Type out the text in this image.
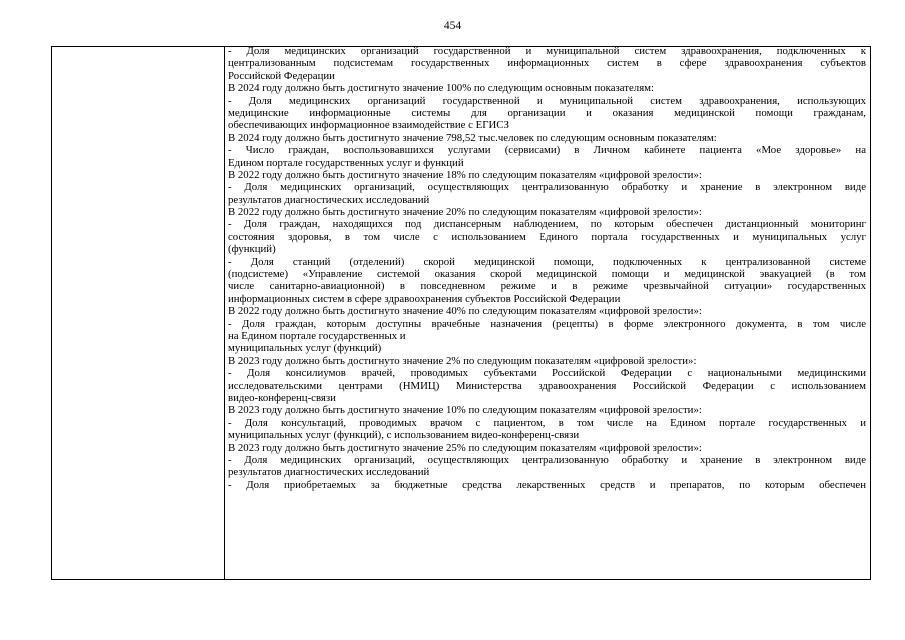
454
- Доля медицинских организаций государственной и муниципальной систем здравоохранения, подключенных к
централизованным подсистемам государственных информационных систем в сфере здравоохранения субъектов
Российской Федерации
В 2024 году должно быть достигнуто значение 100% по следующим основным показателям:
- Доля медицинских организаций государственной и муниципальной систем здравоохранения, использующих
медицинские информационные системы для организации и оказания медицинской помощи гражданам,
обеспечивающих информационное взаимодействие с ЕГИСЗ
В 2024 году должно быть достигнуто значение 798,52 тыс.человек по следующим основным показателям:
- Число граждан, воспользовавшихся услугами (сервисами) в Личном кабинете пациента «Мое здоровье» на
Едином портале государственных услуг и функций
В 2022 году должно быть достигнуто значение 18% по следующим показателям «цифровой зрелости»:
- Доля медицинских организаций, осуществляющих централизованную обработку и хранение в электронном виде
результатов диагностических исследований
В 2022 году должно быть достигнуто значение 20% по следующим показателям «цифровой зрелости»:
- Доля граждан, находящихся под диспансерным наблюдением, по которым обеспечен дистанционный мониторинг
состояния здоровья, в том числе с использованием Единого портала государственных и муниципальных услуг
(функций)
- Доля станций (отделений) скорой медицинской помощи, подключенных к централизованной системе
(подсистеме) «Управление системой оказания скорой медицинской помощи и медицинской эвакуацией (в том
числе санитарно-авиационной) в повседневном режиме и в режиме чрезвычайной ситуации» государственных
информационных систем в сфере здравоохранения субъектов Российской Федерации
В 2022 году должно быть достигнуто значение 40% по следующим показателям «цифровой зрелости»:
- Доля граждан, которым доступны врачебные назначения (рецепты) в форме электронного документа, в том числе
на Едином портале государственных и
муниципальных услуг (функций)
В 2023 году должно быть достигнуто значение 2% по следующим показателям «цифровой зрелости»:
- Доля консилиумов врачей, проводимых субъектами Российской Федерации с национальными медицинскими
исследовательскими центрами (НМИЦ) Министерства здравоохранения Российской Федерации с использованием
видео-конференц-связи
В 2023 году должно быть достигнуто значение 10% по следующим показателям «цифровой зрелости»:
- Доля консультаций, проводимых врачом с пациентом, в том числе на Едином портале государственных и
муниципальных услуг (функций), с использованием видео-конференц-связи
В 2023 году должно быть достигнуто значение 25% по следующим показателям «цифровой зрелости»:
- Доля медицинских организаций, осуществляющих централизованную обработку и хранение в электронном виде
результатов диагностических исследований
- Доля приобретаемых за бюджетные средства лекарственных средств и препаратов, по которым обеспечен
